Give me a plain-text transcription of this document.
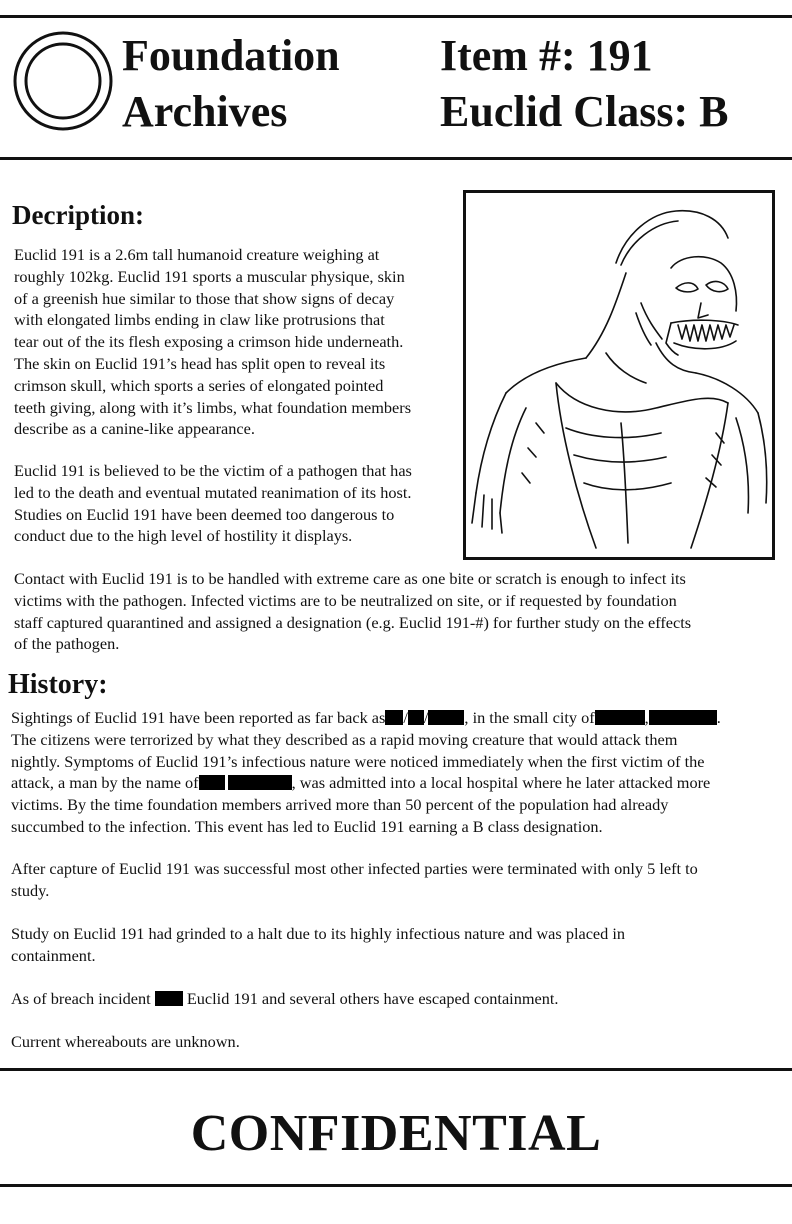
Foundation
Archives
Item #: 191
Euclid Class: B
Decription:
Euclid 191 is a 2.6m tall humanoid creature weighing at
roughly 102kg. Euclid 191 sports a muscular physique, skin
of a greenish hue similar to those that show signs of decay
with elongated limbs ending in claw like protrusions that
tear out of the its flesh exposing a crimson hide underneath.
The skin on Euclid 191’s head has split open to reveal its
crimson skull, which sports a series of elongated pointed
teeth giving, along with it’s limbs, what foundation members
describe as a canine-like appearance.
Euclid 191 is believed to be the victim of a pathogen that has
led to the death and eventual mutated reanimation of its host.
Studies on Euclid 191 have been deemed too dangerous to
conduct due to the high level of hostility it displays.
Contact with Euclid 191 is to be handled with extreme care as one bite or scratch is enough to infect its
victims with the pathogen. Infected victims are to be neutralized on site, or if requested by foundation
staff captured quarantined and assigned a designation (e.g. Euclid 191-#) for further study on the effects
of the pathogen.
History:
Sightings of Euclid 191 have been reported as far back as / / , in the small city of	,	.
The citizens were terrorized by what they described as a rapid moving creature that would attack them
nightly. Symptoms of Euclid 191’s infectious nature were noticed immediately when the first victim of the
attack, a man by the name of	, was admitted into a local hospital where he later attacked more
victims. By the time foundation members arrived more than 50 percent of the population had already
succumbed to the infection. This event has led to Euclid 191 earning a B class designation.
After capture of Euclid 191 was successful most other infected parties were terminated with only 5 left to
study.
Study on Euclid 191 had grinded to a halt due to its highly infectious nature and was placed in
containment.
As of breach incident  Euclid 191 and several others have escaped containment.
Current whereabouts are unknown.
CONFIDENTIAL
